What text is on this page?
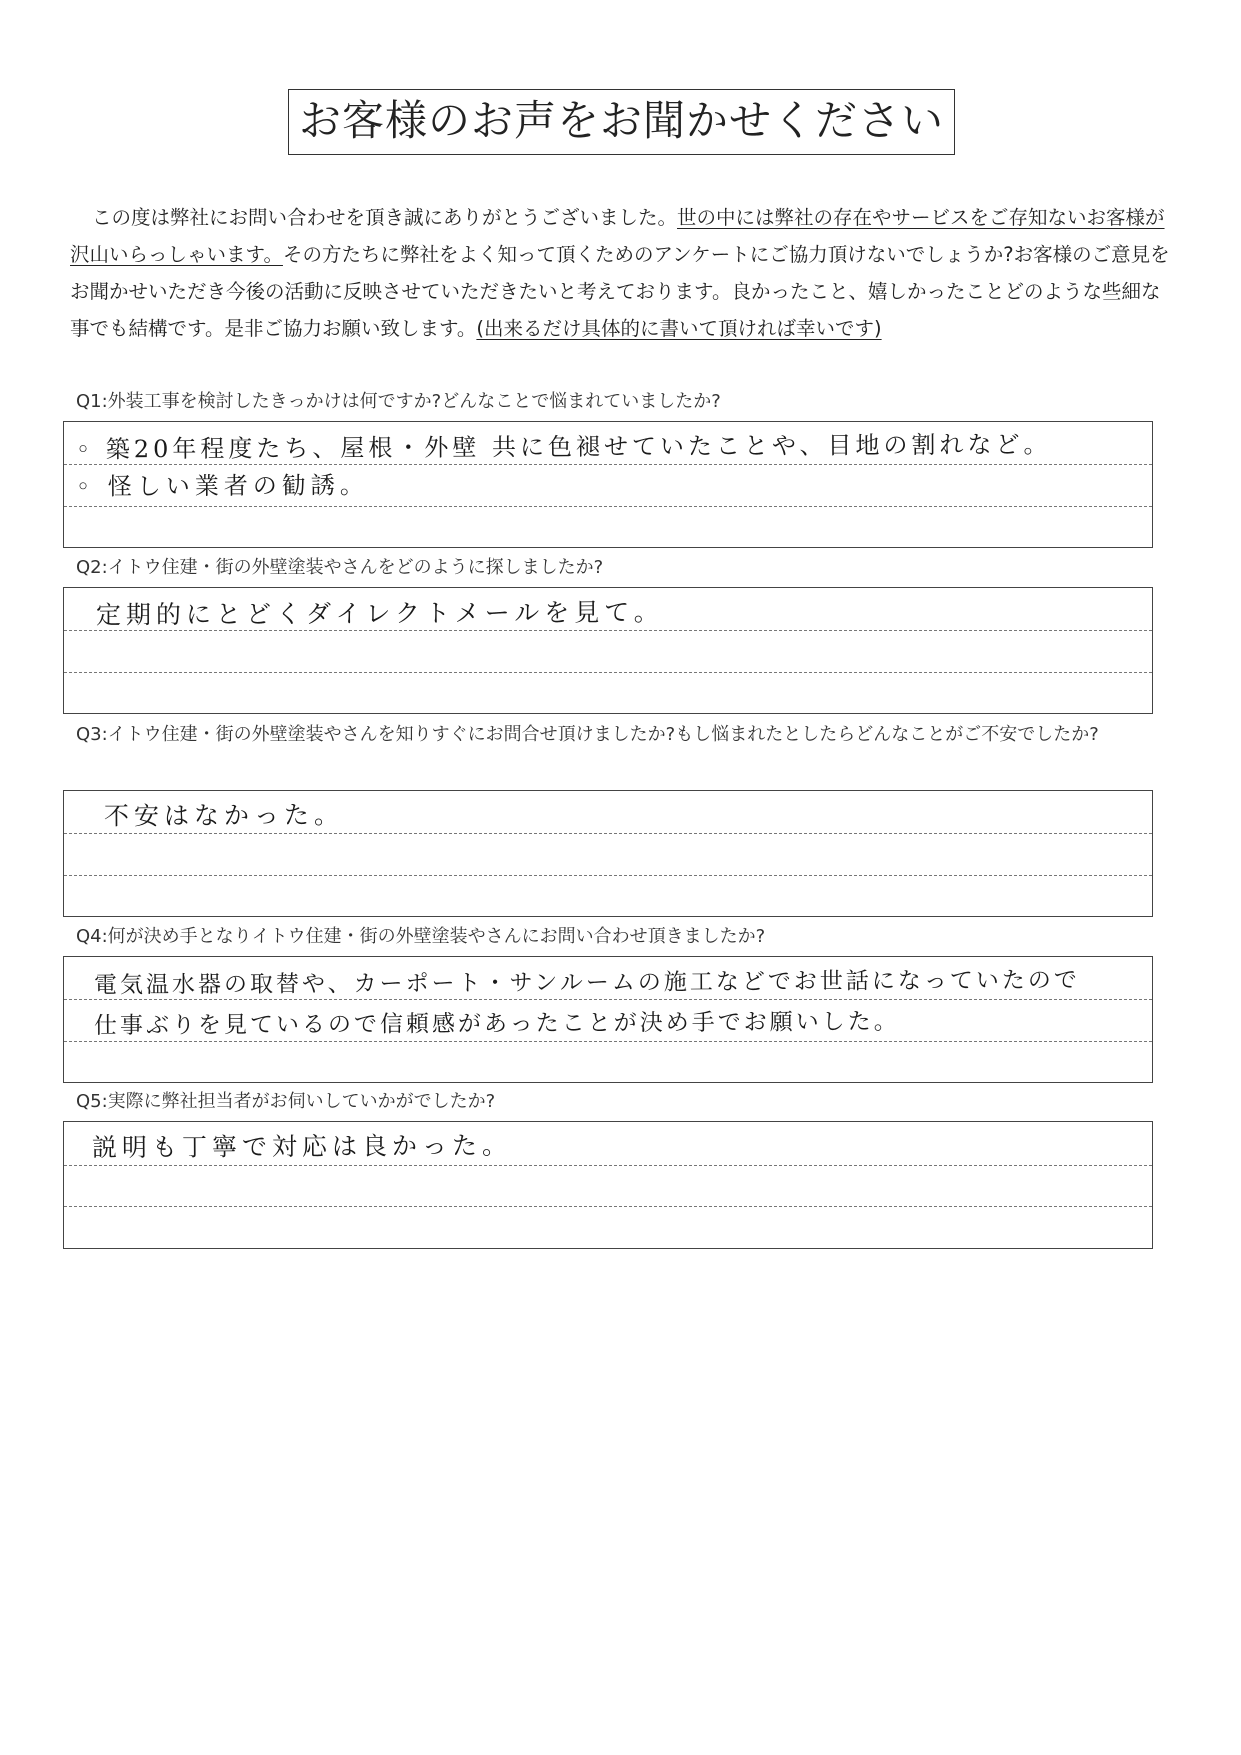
お客様のお声をお聞かせください
この度は弊社にお問い合わせを頂き誠にありがとうございました。世の中には弊社の存在やサービスをご存知ないお客様が沢山いらっしゃいます。その方たちに弊社をよく知って頂くためのアンケートにご協力頂けないでしょうか?お客様のご意見をお聞かせいただき今後の活動に反映させていただきたいと考えております。良かったこと、嬉しかったことどのような些細な事でも結構です。是非ご協力お願い致します。(出来るだけ具体的に書いて頂ければ幸いです)
Q1:外装工事を検討したきっかけは何ですか?どんなことで悩まれていましたか?
◦ 築20年程度たち、屋根・外壁 共に色褪せていたことや、目地の割れなど。
◦ 怪しい業者の勧誘。
Q2:イトウ住建・街の外壁塗装やさんをどのように探しましたか?
定期的にとどくダイレクトメールを見て。
Q3:イトウ住建・街の外壁塗装やさんを知りすぐにお問合せ頂けましたか?もし悩まれたとしたらどんなことがご不安でしたか?
不安はなかった。
Q4:何が決め手となりイトウ住建・街の外壁塗装やさんにお問い合わせ頂きましたか?
電気温水器の取替や、カーポート・サンルームの施工などでお世話になっていたので
仕事ぶりを見ているので信頼感があったことが決め手でお願いした。
Q5:実際に弊社担当者がお伺いしていかがでしたか?
説明も丁寧で対応は良かった。
